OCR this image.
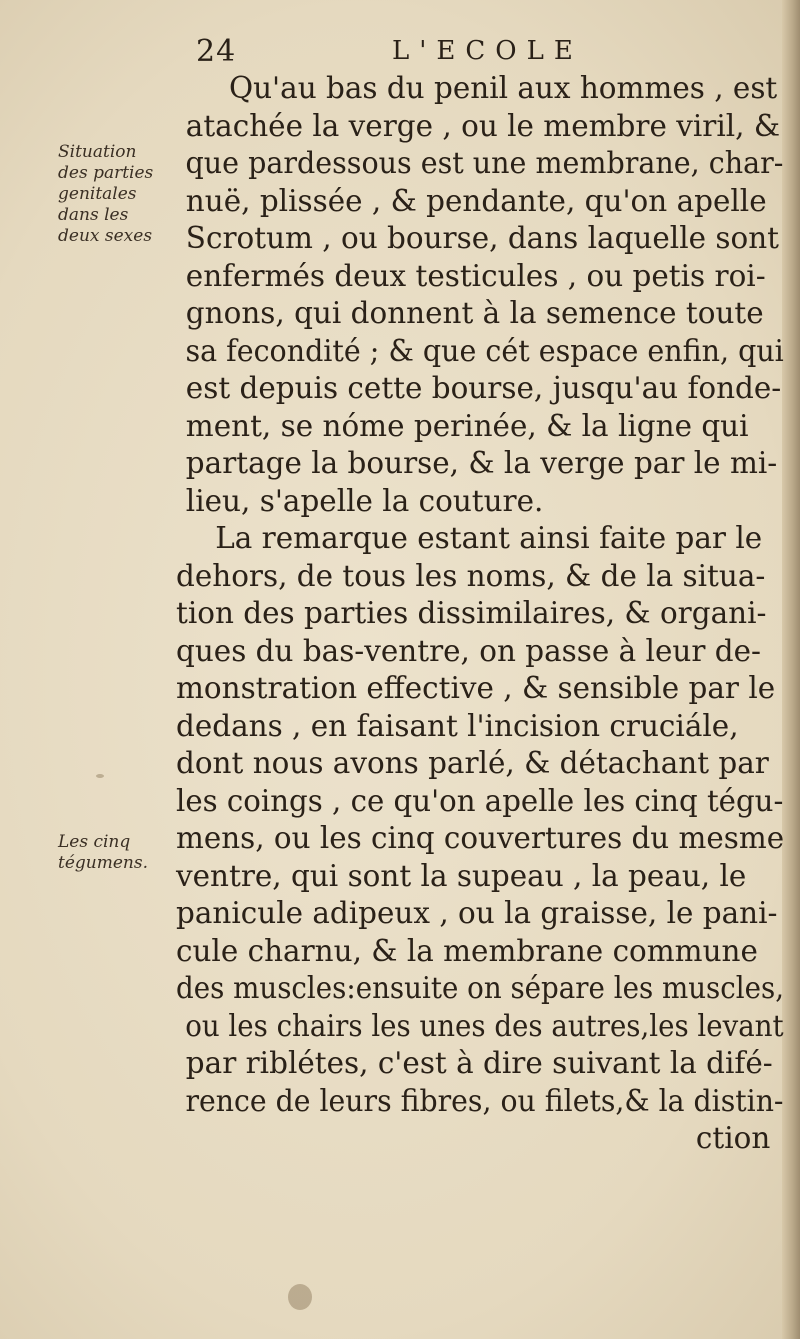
24	L'ECOLE
Situation
des parties
genitales
dans les
deux sexes
Les cinq
tégumens.
Qu'au bas du penil aux hommes , est
atachée la verge , ou le membre viril, &
que pardessous est une membrane, char-
nuë, plissée , & pendante, qu'on apelle
Scrotum , ou bourse, dans laquelle sont
enfermés deux testicules , ou petis roi-
gnons, qui donnent à la semence toute
sa fecondité ; & que cét espace enfin, qui
est depuis cette bourse, jusqu'au fonde-
ment, se nóme perinée, & la ligne qui
partage la bourse, & la verge par le mi-
lieu, s'apelle la couture.
La remarque estant ainsi faite par le
dehors, de tous les noms, & de la situa-
tion des parties dissimilaires, & organi-
ques du bas-ventre, on passe à leur de-
monstration effective , & sensible par le
dedans , en faisant l'incision cruciále,
dont nous avons parlé, & détachant par
les coings , ce qu'on apelle les cinq tégu-
mens, ou les cinq couvertures du mesme
ventre, qui sont la supeau , la peau, le
panicule adipeux , ou la graisse, le pani-
cule charnu, & la membrane commune
des muscles:ensuite on sépare les muscles,
ou les chairs les unes des autres,les levant
par riblétes, c'est à dire suivant la difé-
rence de leurs fibres, ou filets,& la distin-
ction
